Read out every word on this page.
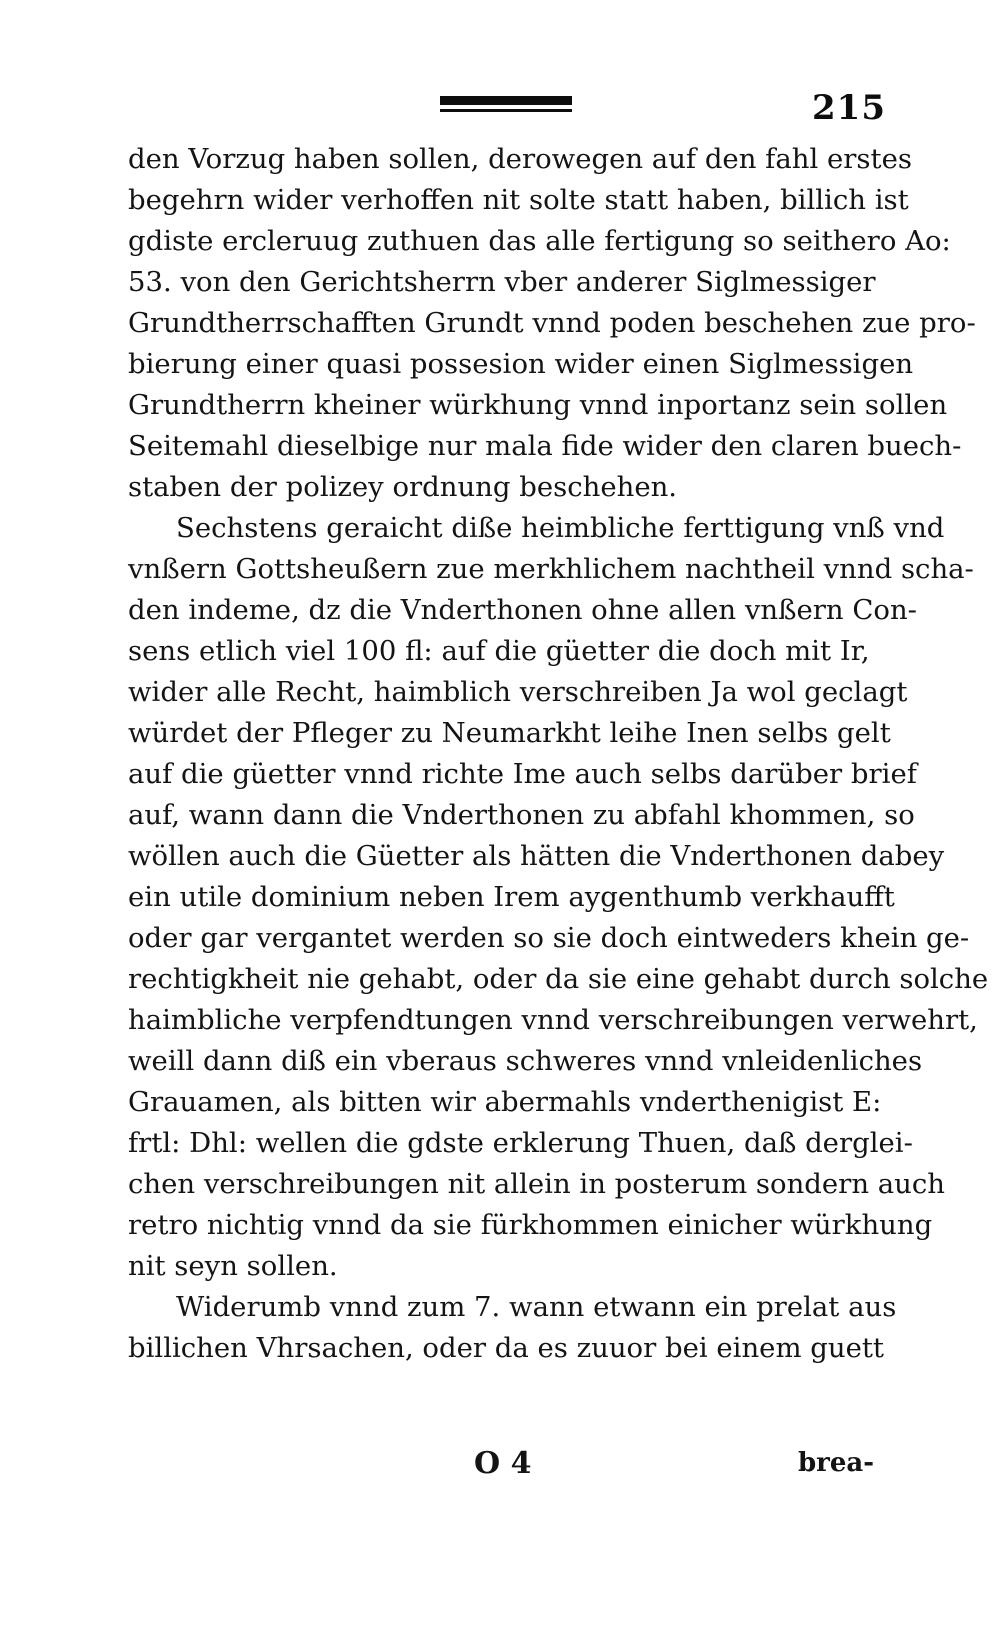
215
den Vorzug haben sollen, derowegen auf den fahl erstes
begehrn wider verhoffen nit solte statt haben, billich ist
gdiste ercleruug zuthuen das alle fertigung so seithero Ao:
53. von den Gerichtsherrn vber anderer Siglmessiger
Grundtherrschafften Grundt vnnd poden beschehen zue pro-
bierung einer quasi possesion wider einen Siglmessigen
Grundtherrn kheiner würkhung vnnd inportanz sein sollen
Seitemahl dieselbige nur mala fide wider den claren buech-
staben der polizey ordnung beschehen.
Sechstens geraicht diße heimbliche ferttigung vnß vnd
vnßern Gottsheußern zue merkhlichem nachtheil vnnd scha-
den indeme, dz die Vnderthonen ohne allen vnßern Con-
sens etlich viel 100 fl: auf die güetter die doch mit Ir,
wider alle Recht, haimblich verschreiben Ja wol geclagt
würdet der Pfleger zu Neumarkht leihe Inen selbs gelt
auf die güetter vnnd richte Ime auch selbs darüber brief
auf, wann dann die Vnderthonen zu abfahl khommen, so
wöllen auch die Güetter als hätten die Vnderthonen dabey
ein utile dominium neben Irem aygenthumb verkhaufft
oder gar vergantet werden so sie doch eintweders khein ge-
rechtigkheit nie gehabt, oder da sie eine gehabt durch solche
haimbliche verpfendtungen vnnd verschreibungen verwehrt,
weill dann diß ein vberaus schweres vnnd vnleidenliches
Grauamen, als bitten wir abermahls vnderthenigist E:
frtl: Dhl: wellen die gdste erklerung Thuen, daß derglei-
chen verschreibungen nit allein in posterum sondern auch
retro nichtig vnnd da sie fürkhommen einicher würkhung
nit seyn sollen.
Widerumb vnnd zum 7. wann etwann ein prelat aus
billichen Vhrsachen, oder da es zuuor bei einem guett
O 4	brea-
